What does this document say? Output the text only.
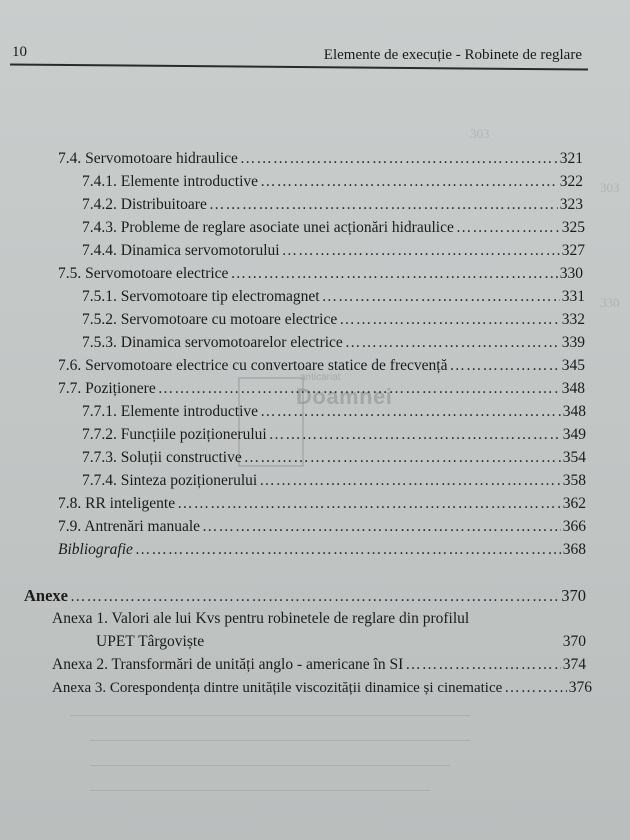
10	Elemente de execuție - Robinete de reglare
303
303
330
anticariat
Doamnei
7.4. Servomotoare hidraulice …………………………………………………………………………………………………………………………………………………………………………	321
7.4.1. Elemente introductive …………………………………………………………………………………………………………………………………………………………………………	322
7.4.2. Distribuitoare …………………………………………………………………………………………………………………………………………………………………………	323
7.4.3. Probleme de reglare asociate unei acționări hidraulice …………………………………………………………………………………………………………………………………………………………………………	325
7.4.4. Dinamica servomotorului …………………………………………………………………………………………………………………………………………………………………………	327
7.5. Servomotoare electrice …………………………………………………………………………………………………………………………………………………………………………	330
7.5.1. Servomotoare tip electromagnet …………………………………………………………………………………………………………………………………………………………………………	331
7.5.2. Servomotoare cu motoare electrice …………………………………………………………………………………………………………………………………………………………………………	332
7.5.3. Dinamica servomotoarelor electrice …………………………………………………………………………………………………………………………………………………………………………	339
7.6. Servomotoare electrice cu convertoare statice de frecvență …………………………………………………………………………………………………………………………………………………………………………	345
7.7. Poziționere …………………………………………………………………………………………………………………………………………………………………………	348
7.7.1. Elemente introductive …………………………………………………………………………………………………………………………………………………………………………	348
7.7.2. Funcțiile poziționerului …………………………………………………………………………………………………………………………………………………………………………	349
7.7.3. Soluții constructive …………………………………………………………………………………………………………………………………………………………………………	354
7.7.4. Sinteza poziționerului …………………………………………………………………………………………………………………………………………………………………………	358
7.8. RR inteligente …………………………………………………………………………………………………………………………………………………………………………	362
7.9. Antrenări manuale …………………………………………………………………………………………………………………………………………………………………………	366
Bibliografie …………………………………………………………………………………………………………………………………………………………………………	368
Anexe …………………………………………………………………………………………………………………………………………………………………………	370
Anexa 1. Valori ale lui Kvs pentru robinetele de reglare din profilul
UPET Târgoviște	370
Anexa 2. Transformări de unități anglo - americane în SI …………………………………………………………………………………………………………………………………………………………………………	374
Anexa 3. Corespondența dintre unitățile viscozității dinamice și cinematice …………………………………………………………………………………………………………………………………………………………………………	376
